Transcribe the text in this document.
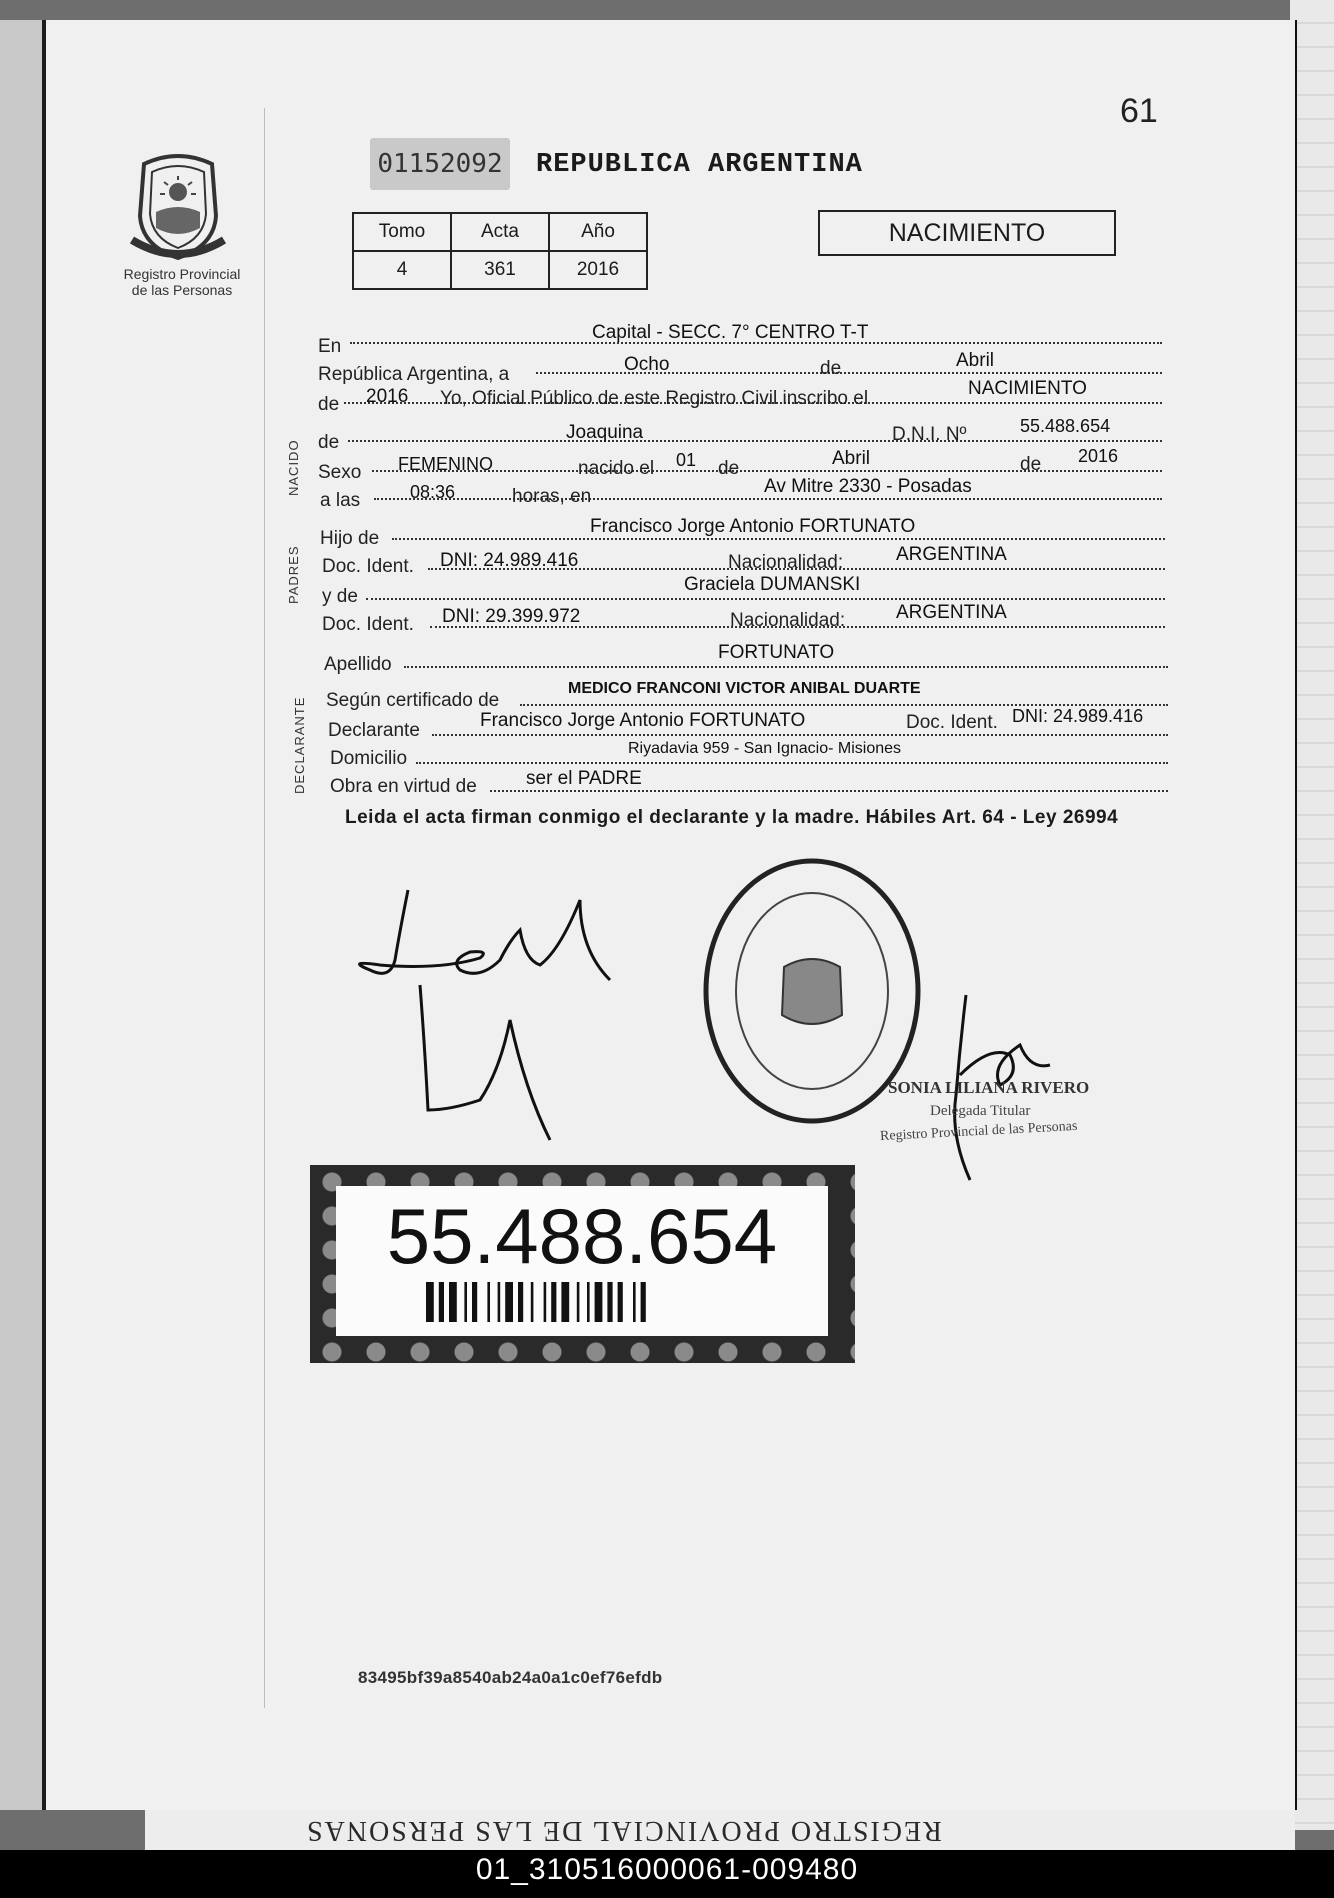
REGISTRO PROVINCIAL DE LAS PERSONAS
61
01152092 REPUBLICA ARGENTINA
Registro Provincial
de las Personas
Tomo	Acta	Año
4	361	2016
NACIMIENTO
NACIDO
PADRES
DECLARANTE
En
Capital - SECC. 7° CENTRO T-T
República Argentina, a	Ocho	de	Abril
de 2016 Yo, Oficial Público de este Registro Civil inscribo el	NACIMIENTO
de	Joaquina	D.N.I. Nº	55.488.654
Sexo FEMENINO	nacido el 01 de	Abril	de 2016
a las	08:36	horas, en	Av Mitre 2330 - Posadas
Hijo de
Francisco Jorge Antonio FORTUNATO
Doc. Ident. DNI: 24.989.416	Nacionalidad:	ARGENTINA
y de
Graciela DUMANSKI
Doc. Ident. DNI: 29.399.972	Nacionalidad:	ARGENTINA
Apellido
FORTUNATO
Según certificado de
MEDICO FRANCONI VICTOR ANIBAL DUARTE
Declarante	Francisco Jorge Antonio FORTUNATO	Doc. Ident. DNI: 24.989.416
Domicilio	Riyadavia 959 - San Ignacio- Misiones
Obra en virtud de	ser el PADRE
Leida el acta firman conmigo el declarante y la madre. Hábiles Art. 64 - Ley 26994
SONIA LILIANA RIVERO
Delegada Titular
Registro Provincial de las Personas
55.488.654
83495bf39a8540ab24a0a1c0ef76efdb
01_310516000061-009480
